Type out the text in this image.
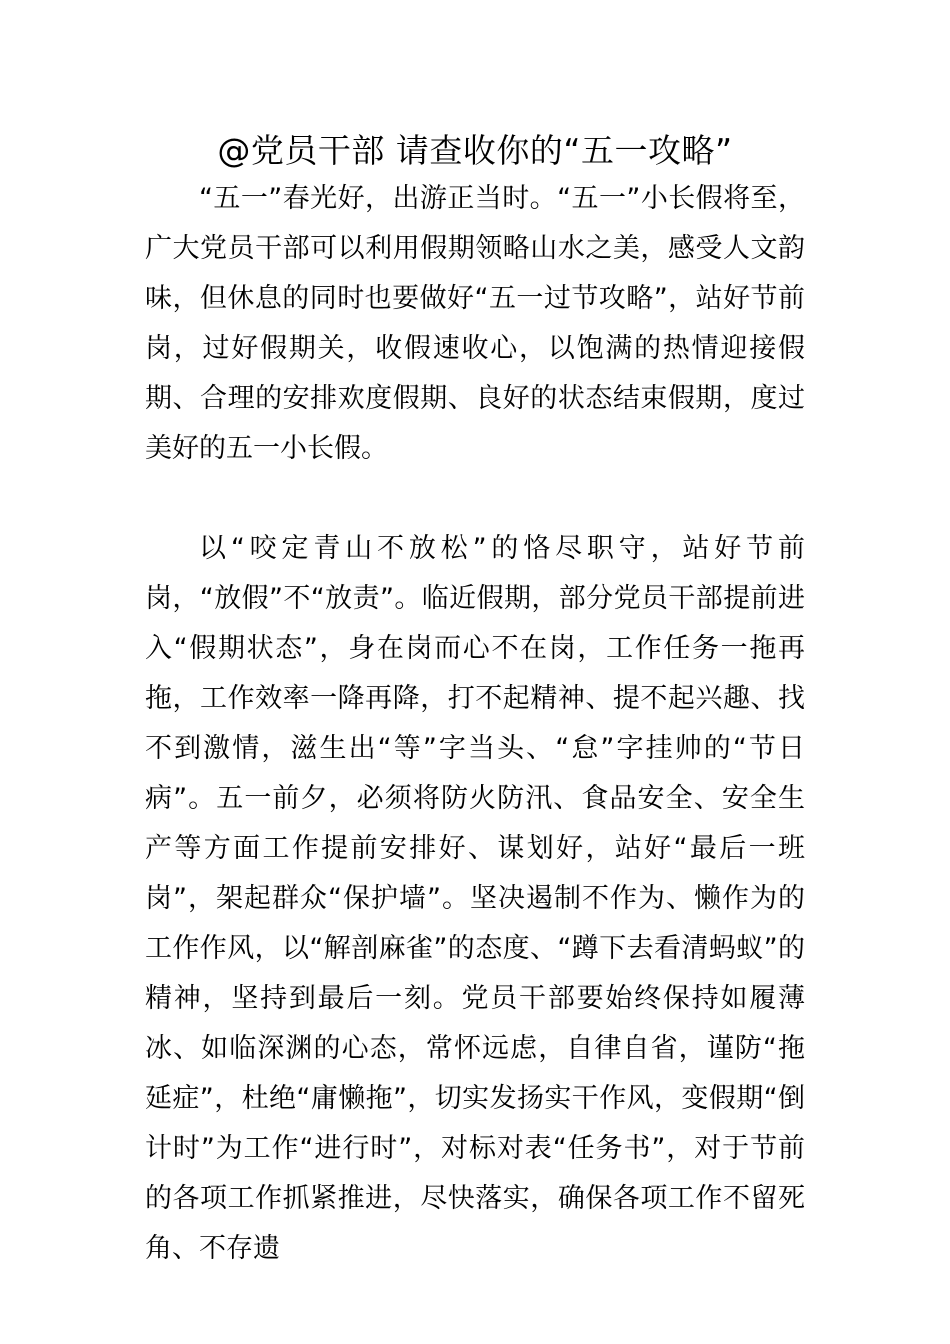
@党员干部 请查收你的“五一攻略”

“五一”春光好，出游正当时。“五一”小长假将至，广大党员干部可以利用假期领略山水之美，感受人文韵味，但休息的同时也要做好“五一过节攻略”，站好节前岗，过好假期关，收假速收心，以饱满的热情迎接假期、合理的安排欢度假期、良好的状态结束假期，度过美好的五一小长假。

以“咬定青山不放松”的恪尽职守，站好节前岗，“放假”不“放责”。临近假期，部分党员干部提前进入“假期状态”，身在岗而心不在岗，工作任务一拖再拖，工作效率一降再降，打不起精神、提不起兴趣、找不到激情，滋生出“等”字当头、“怠”字挂帅的“节日病”。五一前夕，必须将防火防汛、食品安全、安全生产等方面工作提前安排好、谋划好，站好“最后一班岗”，架起群众“保护墙”。坚决遏制不作为、懒作为的工作作风，以“解剖麻雀”的态度、“蹲下去看清蚂蚁”的精神，坚持到最后一刻。党员干部要始终保持如履薄冰、如临深渊的心态，常怀远虑，自律自省，谨防“拖延症”，杜绝“庸懒拖”，切实发扬实干作风，变假期“倒计时”为工作“进行时”，对标对表“任务书”，对于节前的各项工作抓紧推进，尽快落实，确保各项工作不留死角、不存遗
